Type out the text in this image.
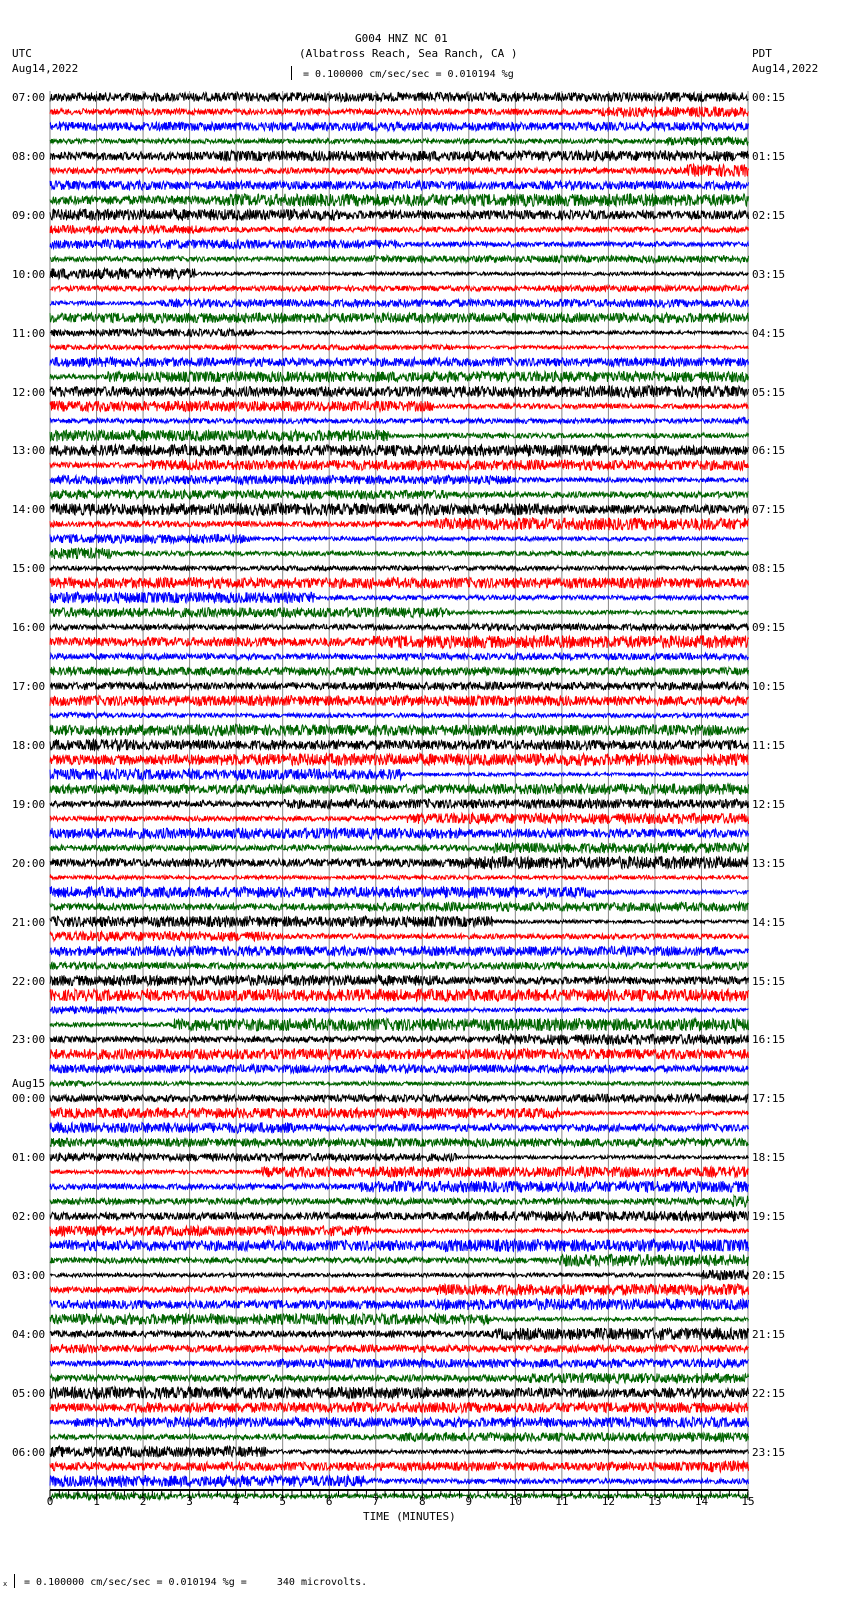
G004 HNZ NC 01
(Albatross Reach, Sea Ranch, CA )
UTC
Aug14,2022
PDT
Aug14,2022
= 0.100000 cm/sec/sec = 0.010194 %g
0	1	2	3	4	5	6	7	8	9	10	11	12	13	14	15
TIME (MINUTES)
x = 0.100000 cm/sec/sec = 0.010194 %g =     340 microvolts.
07:00
08:00
09:00
10:00
11:00
12:00
13:00
14:00
15:00
16:00
17:00
18:00
19:00
20:00
21:00
22:00
23:00
00:00
Aug15
01:00
02:00
03:00
04:00
05:00
06:00
00:15
01:15
02:15
03:15
04:15
05:15
06:15
07:15
08:15
09:15
10:15
11:15
12:15
13:15
14:15
15:15
16:15
17:15
18:15
19:15
20:15
21:15
22:15
23:15
